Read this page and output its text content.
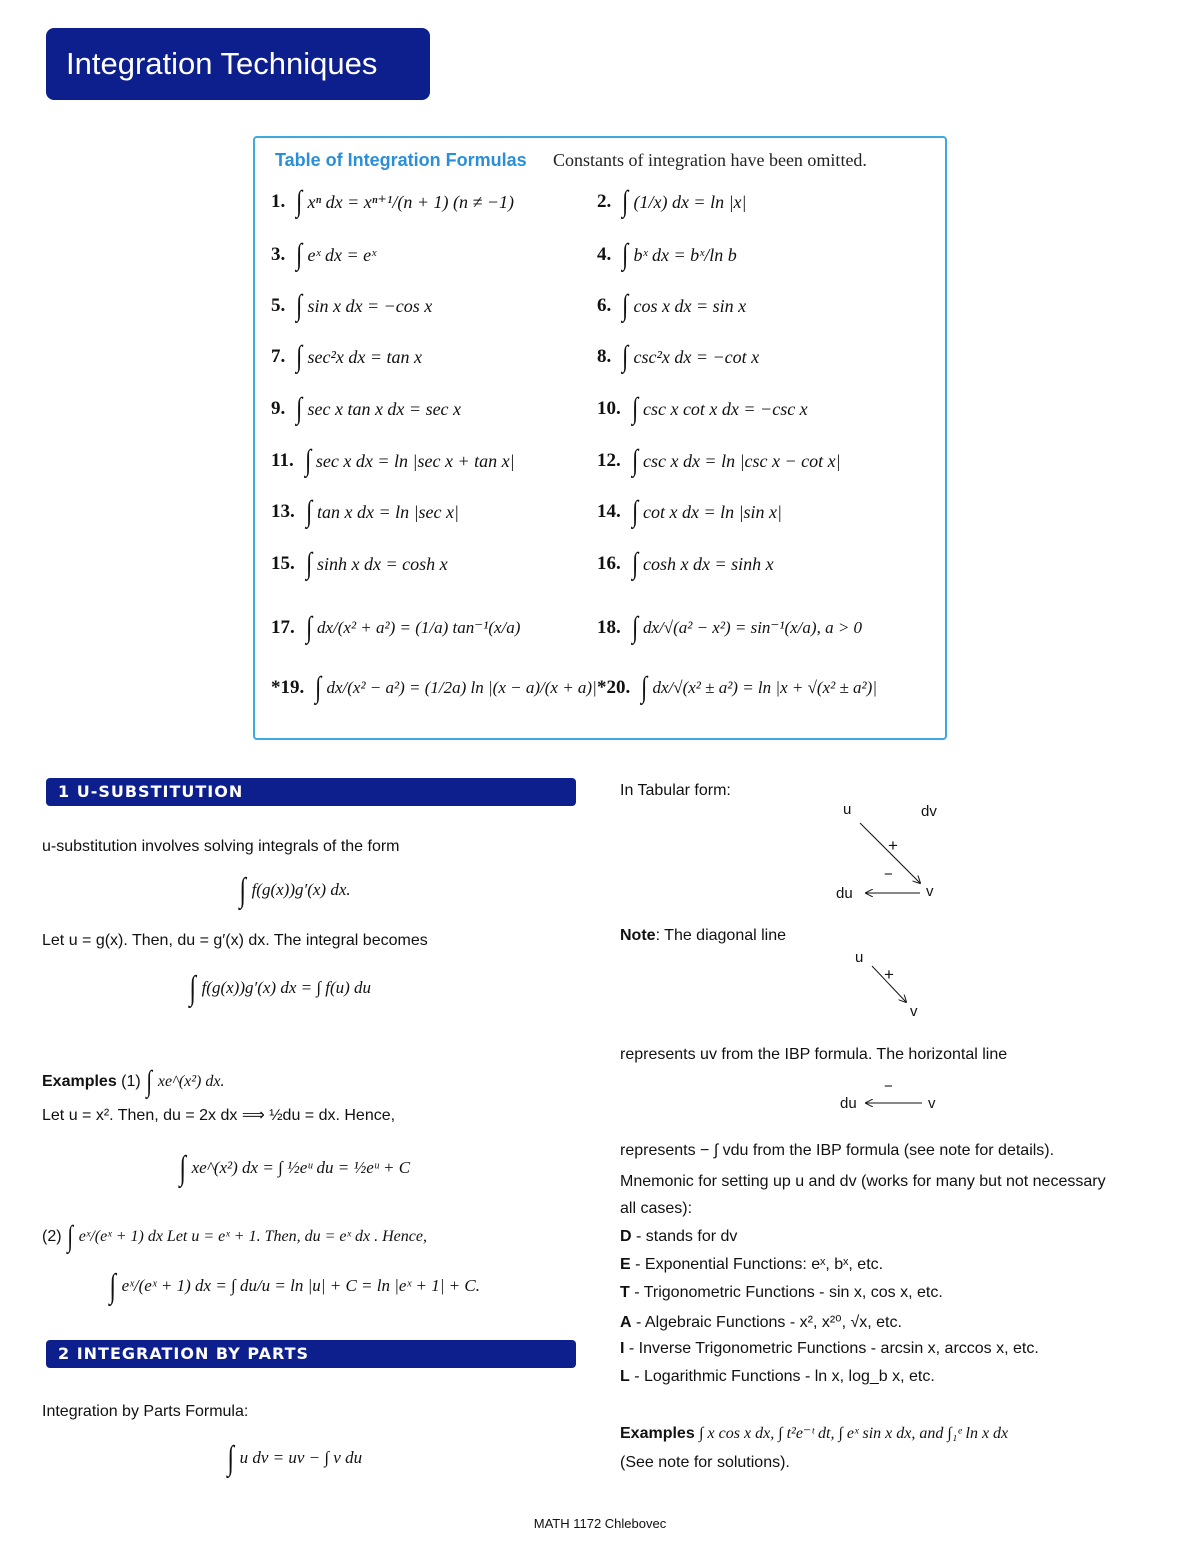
Integration Techniques
Table of Integration Formulas Constants of integration have been omitted.
1. ∫ xⁿ dx = xⁿ⁺¹/(n + 1) (n ≠ −1)	2. ∫ (1/x) dx = ln |x|
3. ∫ eˣ dx = eˣ	4. ∫ bˣ dx = bˣ/ln b
5. ∫ sin x dx = −cos x	6. ∫ cos x dx = sin x
7. ∫ sec²x dx = tan x	8. ∫ csc²x dx = −cot x
9. ∫ sec x tan x dx = sec x	10. ∫ csc x cot x dx = −csc x
11. ∫ sec x dx = ln |sec x + tan x|	12. ∫ csc x dx = ln |csc x − cot x|
13. ∫ tan x dx = ln |sec x|	14. ∫ cot x dx = ln |sin x|
15. ∫ sinh x dx = cosh x	16. ∫ cosh x dx = sinh x
17. ∫ dx/(x² + a²) = (1/a) tan⁻¹(x/a)	18. ∫ dx/√(a² − x²) = sin⁻¹(x/a), a > 0
*19. ∫ dx/(x² − a²) = (1/2a) ln |(x − a)/(x + a)| *20. ∫ dx/√(x² ± a²) = ln |x + √(x² ± a²)|
1 U-SUBSTITUTION
u-substitution involves solving integrals of the form
∫ f(g(x))g′(x) dx.
Let u = g(x). Then, du = g′(x) dx. The integral becomes
∫ f(g(x))g′(x) dx = ∫ f(u) du
Examples (1) ∫ xe^(x²) dx.
Let u = x². Then, du = 2x dx ⟹ ½du = dx. Hence,
∫ xe^(x²) dx = ∫ ½eᵘ du = ½eᵘ + C
(2) ∫ eˣ/(eˣ + 1) dx Let u = eˣ + 1. Then, du = eˣ dx . Hence,
∫ eˣ/(eˣ + 1) dx = ∫ du/u = ln |u| + C = ln |eˣ + 1| + C.
2 INTEGRATION BY PARTS
Integration by Parts Formula:
∫ u dv = uv − ∫ v du
In Tabular form:
u	dv
+
−
du	v
Note: The diagonal line
u
+
v
represents uv from the IBP formula. The horizontal line
−
du	v
represents − ∫ vdu from the IBP formula (see note for details).
Mnemonic for setting up u and dv (works for many but not necessary
all cases):
D - stands for dv
E - Exponential Functions: eˣ, bˣ, etc.
T - Trigonometric Functions - sin x, cos x, etc.
A - Algebraic Functions - x², x²⁰, √x, etc.
I - Inverse Trigonometric Functions - arcsin x, arccos x, etc.
L - Logarithmic Functions - ln x, log_b x, etc.
Examples ∫ x cos x dx, ∫ t²e⁻ᵗ dt, ∫ eˣ sin x dx, and ∫₁ᵉ ln x dx
(See note for solutions).
MATH 1172 Chlebovec
